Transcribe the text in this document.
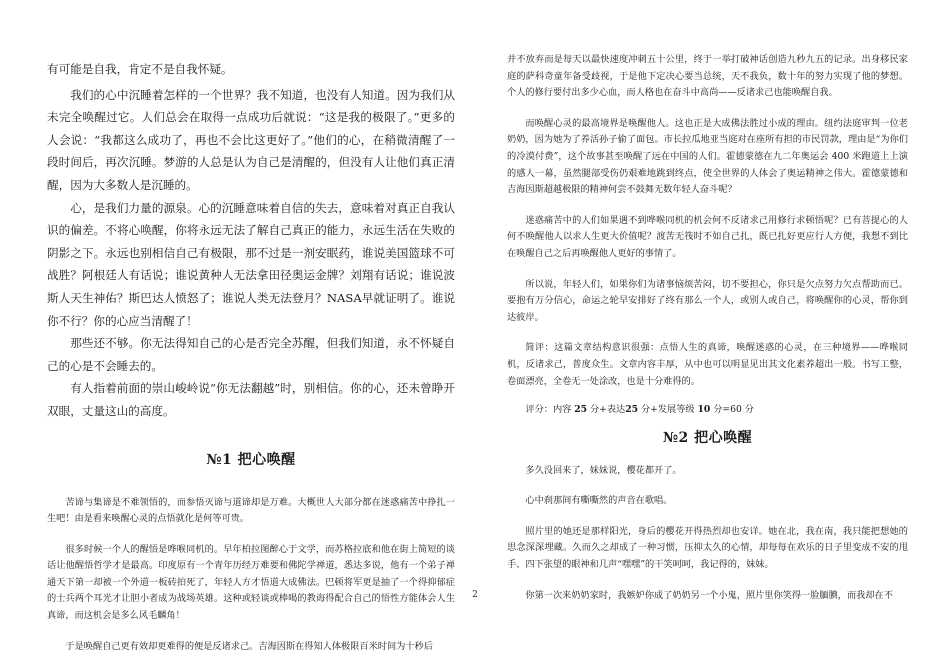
有可能是自我，肯定不是自我怀疑。

我们的心中沉睡着怎样的一个世界？我不知道，也没有人知道。因为我们从未完全唤醒过它。人们总会在取得一点成功后就说：“这是我的极限了。”更多的人会说：“我都这么成功了，再也不会比这更好了。”他们的心，在稍微清醒了一段时间后，再次沉睡。梦游的人总是认为自己是清醒的，但没有人让他们真正清醒，因为大多数人是沉睡的。

心，是我们力量的源泉。心的沉睡意味着自信的失去，意味着对真正自我认识的偏差。不将心唤醒，你将永远无法了解自己真正的能力，永远生活在失败的阴影之下。永远也别相信自己有极限，那不过是一剂安眠药，谁说美国篮球不可战胜？阿根廷人有话说；谁说黄种人无法拿田径奥运金牌？刘翔有话说；谁说波斯人天生神佑？斯巴达人愤怒了；谁说人类无法登月？NASA早就证明了。谁说你不行？你的心应当清醒了！

那些还不够。你无法得知自己的心是否完全苏醒，但我们知道，永不怀疑自己的心是不会睡去的。

有人指着前面的崇山峻岭说“你无法翻越”时，别相信。你的心，还未曾睁开双眼，丈量这山的高度。

№1 把心唤醒

苦谛与集谛是不难领悟的，而参悟灭谛与道谛却是万难。大概世人大部分都在迷惑痛苦中挣扎一生吧！由是看来唤醒心灵的点悟就化是何等可贵。

很多时候一个人的醒悟是哗喉同机的。早年柏拉图醉心于文学，而苏格拉底和他在街上简短的谈话让他醒悟哲学才是最高。印度原有一个青年历经万难要和佛陀学禅道，悉达多说，他有一个弟子禅通天下第一却被一个外道一板砖拍死了，年轻人方才悟道大成佛法。巴顿将军更是抽了一个得抑郁症的士兵两个耳光才让胆小者成为战场英雄。这种或轻谈或棒喝的教诲得配合自己的悟性方能体会人生真谛，而这机会是多么风毛麟角！

于是唤醒自己更有效却更难得的便是反诸求己。吉海因斯在得知人体极限百米时间为十秒后

并不放弃而是每天以最快速度冲刺五十公里，终于一举打破神话创造九秒九五的记录。出身移民家庭的萨科奇童年备受歧视，于是他下定决心要当总统，天不我负，数十年的努力实现了他的梦想。个人的修行要付出多少心血，而人格也在奋斗中高尚——反诸求己也能唤醒自我。

而唤醒心灵的最高境界是唤醒他人。这也正是大成佛法胜过小成的理由。纽约法庭审判一位老奶奶，因为她为了养活孙子偷了面包。市长拉瓜地亚当庭对在座所有担的市民罚款，理由是“为你们的冷漠付费”，这个故事甚至唤醒了远在中国的人们。霍德蒙德在九二年奥运会 400 米跑道上上演的感人一幕，虽然腿部受伤仍艰难地跳到终点，使全世界的人体会了奥运精神之伟大。霍德蒙德和吉海因斯超越极限的精神何尝不鼓舞无数年轻人奋斗呢？

迷惑痛苦中的人们如果遇不到哗喉同机的机会何不反诸求己用修行求顿悟呢？已有菩提心的人何不唤醒他人以求人生更大价值呢？渡苦无筏时不如自己扎，既已扎好更应行人方便，我想不到比在唤醒自己之后再唤醒他人更好的事情了。

所以说，年轻人们，如果你们为诸事恼烦苦闷，切不要担心，你只是欠点努力欠点帮助而已。要抱有万分信心，命运之轮早安排好了终有那么一个人，或别人或自己，将唤醒你的心灵，帮你到达彼岸。

简评：这篇文章结构意识很强：点悟人生的真谛，唤醒迷惑的心灵，在三种境界——哗喉同机，反诸求己，普度众生。文章内容丰厚，从中也可以明显见出其文化素养超出一般。书写工整，卷面漂亮，全卷无一处涂改，也是十分难得的。

评分：内容 25 分+表达25 分+发展等级 10 分=60 分

№2 把心唤醒

多久没回来了，妹妹说，樱花都开了。

心中刹那间有嘶嘶然的声音在歌唱。

照片里的她还是那样阳光，身后的樱花开得热烈却也安详。她在北，我在南，我只能把想她的思念深深埋藏。久而久之却成了一种习惯，压抑太久的心情，却每每在欢乐的日子里变成不安的甩手、四下张望的眼神和几声“嘿嘿”的干笑呵呵，我记得的，妹妹。

你第一次来奶奶家时，我嫉妒你成了奶奶另一个小鬼，照片里你笑得一脸腼腆，而我却在不

2
